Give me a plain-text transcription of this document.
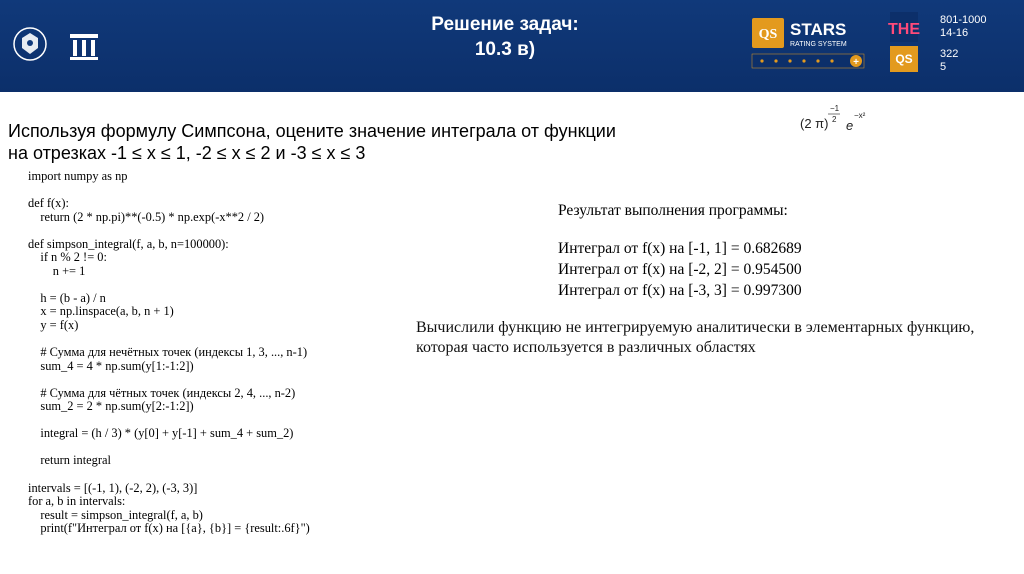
Решение задач:
10.3 в)
QS STARS
RATING SYSTEM
+
THE
QS
801-1000
14-16
322
5
(2 π)
−1
2 e
−x²
Используя формулу Симпсона, оцените значение интеграла от функции
на отрезках -1 ≤ x ≤ 1, -2 ≤ x ≤ 2 и -3 ≤ x ≤ 3
import numpy as np

def f(x):
return (2 * np.pi)**(-0.5) * np.exp(-x**2 / 2)

def simpson_integral(f, a, b, n=100000):
if n % 2 != 0:
n += 1

h = (b - a) / n
x = np.linspace(a, b, n + 1)
y = f(x)

# Сумма для нечётных точек (индексы 1, 3, ..., n-1)
sum_4 = 4 * np.sum(y[1:-1:2])

# Сумма для чётных точек (индексы 2, 4, ..., n-2)
sum_2 = 2 * np.sum(y[2:-1:2])

integral = (h / 3) * (y[0] + y[-1] + sum_4 + sum_2)

return integral

intervals = [(-1, 1), (-2, 2), (-3, 3)]
for a, b in intervals:
result = simpson_integral(f, a, b)
print(f"Интеграл от f(x) на [{a}, {b}] = {result:.6f}")
Результат выполнения программы:
Интеграл от f(x) на [-1, 1] = 0.682689
Интеграл от f(x) на [-2, 2] = 0.954500
Интеграл от f(x) на [-3, 3] = 0.997300
Вычислили функцию не интегрируемую аналитически в элементарных функцию, которая часто используется в различных областях
